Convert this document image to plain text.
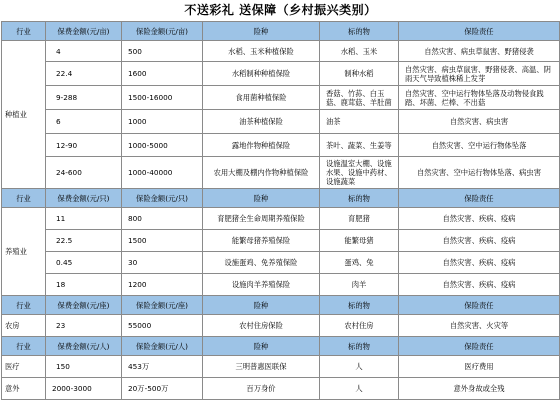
不送彩礼 送保障（乡村振兴类别）
行业	保费金额(元/亩)	保险金额(元/亩)	险种	标的物	保险责任
种植业	4	500	水稻、玉米种植保险	水稻、玉米	自然灾害、病虫草鼠害、野猪侵袭
	22.4	1600	水稻制种种植保险	制种水稻	自然灾害、病虫草鼠害、野猪侵袭、高温、阴雨天气导致植株稀上发芽
	9-288	1500-16000	食用菌种植保险	香菇、竹荪、白玉菇、鹿茸菇、羊肚菌	自然灾害、空中运行物体坠落及动物侵食践踏、坏菌、烂棒、不出菇
	6	1000	油茶种植保险	油茶	自然灾害、病虫害
	12-90	1000-5000	露地作物种植保险	茶叶、蔬菜、生姜等	自然灾害、空中运行物体坠落
	24-600	1000-40000	农用大棚及棚内作物种植保险	设施温室大棚、设施水果、设施中药材、设施蔬菜	自然灾害、空中运行物体坠落、病虫害
行业	保费金额(元/只)	保险金额(元/只)	险种	标的物	保险责任
养殖业	11	800	育肥猪全生命周期养殖保险	育肥猪	自然灾害、疾病、疫病
	22.5	1500	能繁母猪养殖保险	能繁母猪	自然灾害、疾病、疫病
	0.45	30	设施蛋鸡、免养殖保险	蛋鸡、兔	自然灾害、疾病、疫病
	18	1200	设施肉羊养殖保险	肉羊	自然灾害、疾病、疫病
行业	保费金额(元/座)	保险金额(元/座)	险种	标的物	保险责任
农房	23	55000	农村住房保险	农村住房	自然灾害、火灾等
行业	保费金额(元/人)	保险金额(元/人)	险种	标的物	保险责任
医疗	150	453万	三明普惠医联保	人	医疗费用
意外	2000-3000	20万-500万	百万身价	人	意外身故或全残
